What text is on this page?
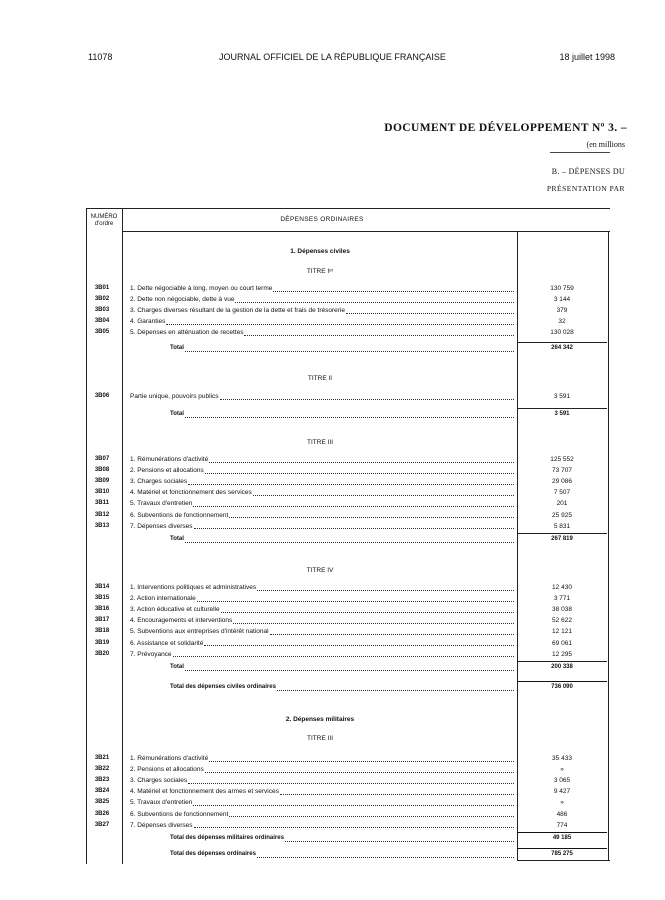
11078	JOURNAL OFFICIEL DE LA RÉPUBLIQUE FRANÇAISE	18 juillet 1998
DOCUMENT DE DÉVELOPPEMENT Nº 3. –
(en millions
B. – DÉPENSES DU
PRÉSENTATION PAR
NUMÉRO d'ordre
DÉPENSES ORDINAIRES
1. Dépenses civiles
TITRE Iᵉʳ
3B01	1. Dette négociable à long, moyen ou court terme	130 759
3B02	2. Dette non négociable, dette à vue	3 144
3B03	3. Charges diverses résultant de la gestion de la dette et frais de trésorerie	379
3B04	4. Garanties	32
3B05	5. Dépenses en atténuation de recettes	130 028
Total	264 342
TITRE II
3B06	Partie unique, pouvoirs publics	3 591
Total	3 591
TITRE III
3B07	1. Rémunérations d'activité	125 552
3B08	2. Pensions et allocations	73 707
3B09	3. Charges sociales	29 086
3B10	4. Matériel et fonctionnement des services	7 507
3B11	5. Travaux d'entretien	201
3B12	6. Subventions de fonctionnement	25 925
3B13	7. Dépenses diverses	5 831
Total	267 819
TITRE IV
3B14	1. Interventions politiques et administratives	12 430
3B15	2. Action internationale	3 771
3B16	3. Action éducative et culturelle	38 038
3B17	4. Encouragements et interventions	52 622
3B18	5. Subventions aux entreprises d'intérêt national	12 121
3B19	6. Assistance et solidarité	69 061
3B20	7. Prévoyance	12 295
Total	200 338
Total des dépenses civiles ordinaires	736 090
2. Dépenses militaires
TITRE III
3B21	1. Rémunérations d'activité	35 433
3B22	2. Pensions et allocations	»
3B23	3. Charges sociales	3 065
3B24	4. Matériel et fonctionnement des armes et services	9 427
3B25	5. Travaux d'entretien	»
3B26	6. Subventions de fonctionnement	486
3B27	7. Dépenses diverses	774
Total des dépenses militaires ordinaires	49 185
Total des dépenses ordinaires	785 275
